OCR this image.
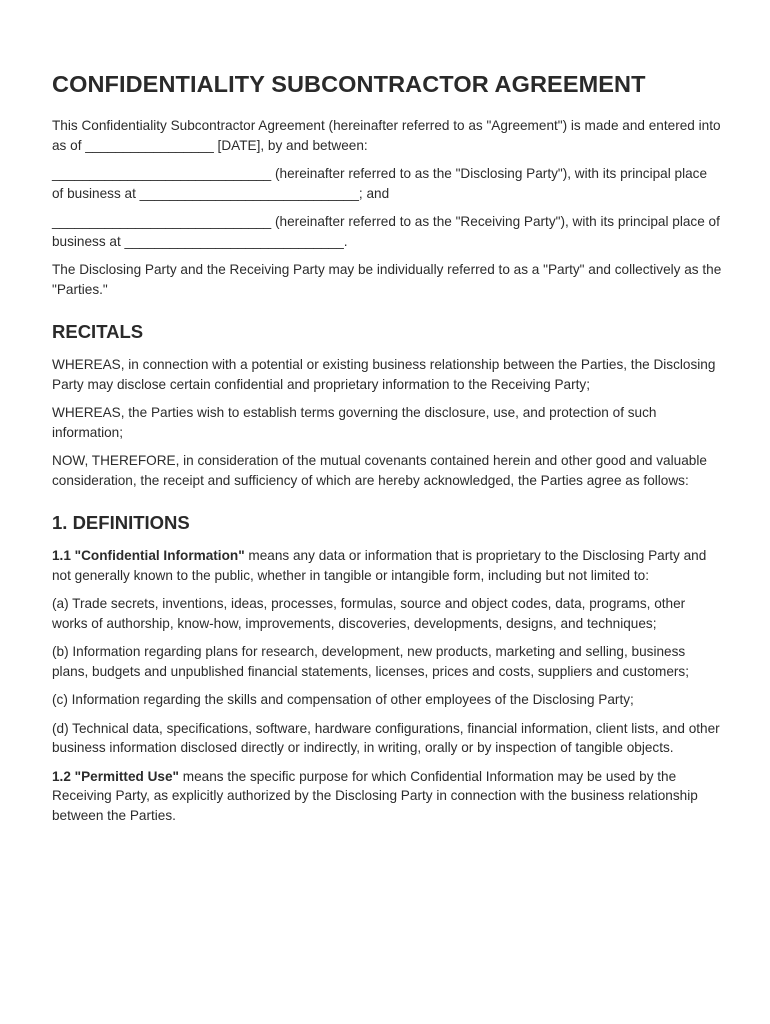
CONFIDENTIALITY SUBCONTRACTOR AGREEMENT

This Confidentiality Subcontractor Agreement (hereinafter referred to as "Agreement") is made and entered into as of _________________ [DATE], by and between:

_____________________________ (hereinafter referred to as the "Disclosing Party"), with its principal place of business at _____________________________; and

_____________________________ (hereinafter referred to as the "Receiving Party"), with its principal place of business at _____________________________.

The Disclosing Party and the Receiving Party may be individually referred to as a "Party" and collectively as the "Parties."

RECITALS

WHEREAS, in connection with a potential or existing business relationship between the Parties, the Disclosing Party may disclose certain confidential and proprietary information to the Receiving Party;

WHEREAS, the Parties wish to establish terms governing the disclosure, use, and protection of such information;

NOW, THEREFORE, in consideration of the mutual covenants contained herein and other good and valuable consideration, the receipt and sufficiency of which are hereby acknowledged, the Parties agree as follows:

1. DEFINITIONS

1.1 "Confidential Information" means any data or information that is proprietary to the Disclosing Party and not generally known to the public, whether in tangible or intangible form, including but not limited to:

(a) Trade secrets, inventions, ideas, processes, formulas, source and object codes, data, programs, other works of authorship, know-how, improvements, discoveries, developments, designs, and techniques;

(b) Information regarding plans for research, development, new products, marketing and selling, business plans, budgets and unpublished financial statements, licenses, prices and costs, suppliers and customers;

(c) Information regarding the skills and compensation of other employees of the Disclosing Party;

(d) Technical data, specifications, software, hardware configurations, financial information, client lists, and other business information disclosed directly or indirectly, in writing, orally or by inspection of tangible objects.

1.2 "Permitted Use" means the specific purpose for which Confidential Information may be used by the Receiving Party, as explicitly authorized by the Disclosing Party in connection with the business relationship between the Parties.
